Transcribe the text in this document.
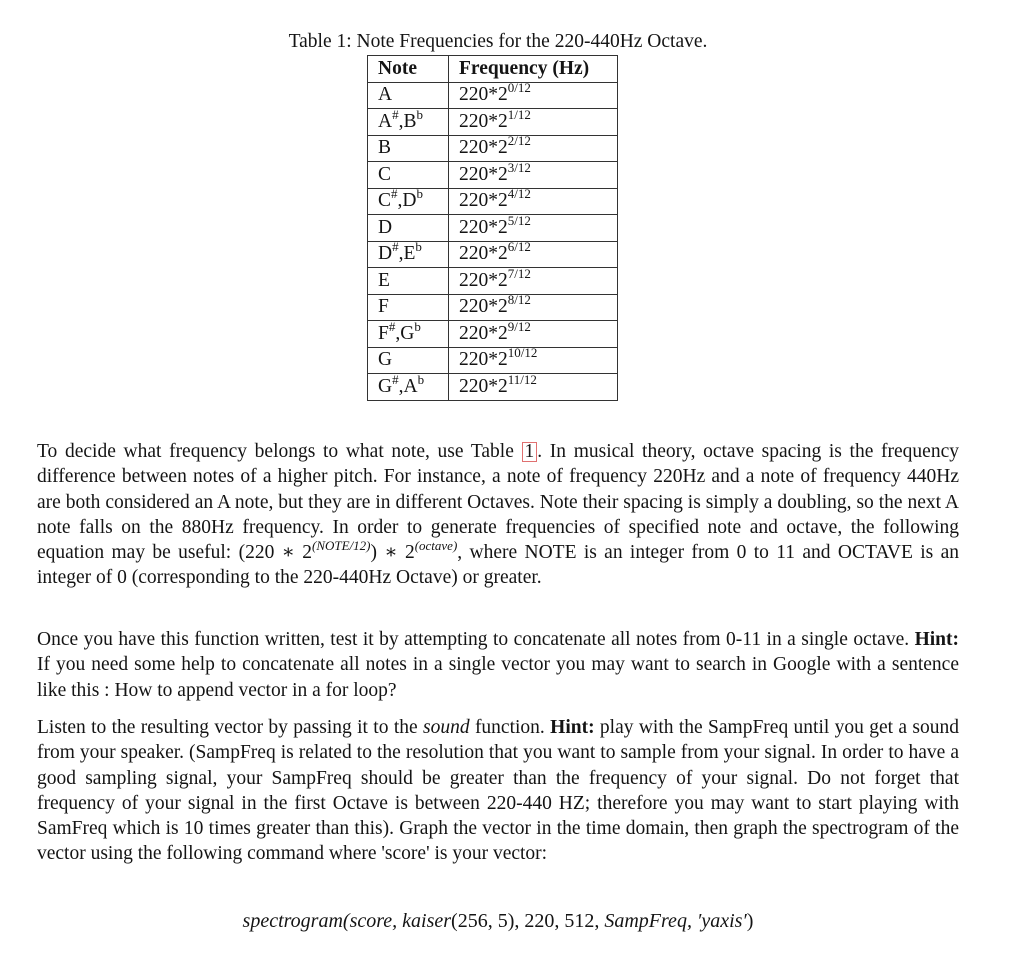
Table 1: Note Frequencies for the 220-440Hz Octave.
Note	Frequency (Hz)
A	$220*2^{0/12}$
$A^{\#},B^b$	$220*2^{1/12}$
B	$220*2^{2/12}$
C	$220*2^{3/12}$
$C^{\#},D^b$	$220*2^{4/12}$
D	$220*2^{5/12}$
$D^{\#},E^b$	$220*2^{6/12}$
E	$220*2^{7/12}$
F	$220*2^{8/12}$
$F^{\#},G^b$	$220*2^{9/12}$
G	$220*2^{10/12}$
$G^{\#},A^b$	$220*2^{11/12}$
To decide what frequency belongs to what note, use Table 1 . In musical theory, octave spacing is the frequency difference between notes of a higher pitch. For instance, a note of frequency 220Hz and a note of frequency 440Hz are both considered an A note, but they are in different Octaves. Note their spacing is simply a doubling, so the next A note falls on the 880Hz frequency. In order to generate frequencies of specified note and octave, the following equation may be useful: (220 ∗ $2^{(NOTE/12)}$) ∗ $2^{(octave)}$, where NOTE is an integer from 0 to 11 and OCTAVE is an integer of 0 (corresponding to the 220-440Hz Octave) or greater.
Once you have this function written, test it by attempting to concatenate all notes from 0-11 in a single octave. Hint: If you need some help to concatenate all notes in a single vector you may want to search in Google with a sentence like this : How to append vector in a for loop?
Listen to the resulting vector by passing it to the sound function. Hint: play with the SampFreq until you get a sound from your speaker. (SampFreq is related to the resolution that you want to sample from your signal. In order to have a good sampling signal, your SampFreq should be greater than the frequency of your signal. Do not forget that frequency of your signal in the first Octave is between 220-440 HZ; therefore you may want to start playing with SamFreq which is 10 times greater than this). Graph the vector in the time domain, then graph the spectrogram of the vector using the following command where 'score' is your vector:
spectrogram(score, kaiser(256, 5), 220, 512, SampFreq, ′yaxis′)
